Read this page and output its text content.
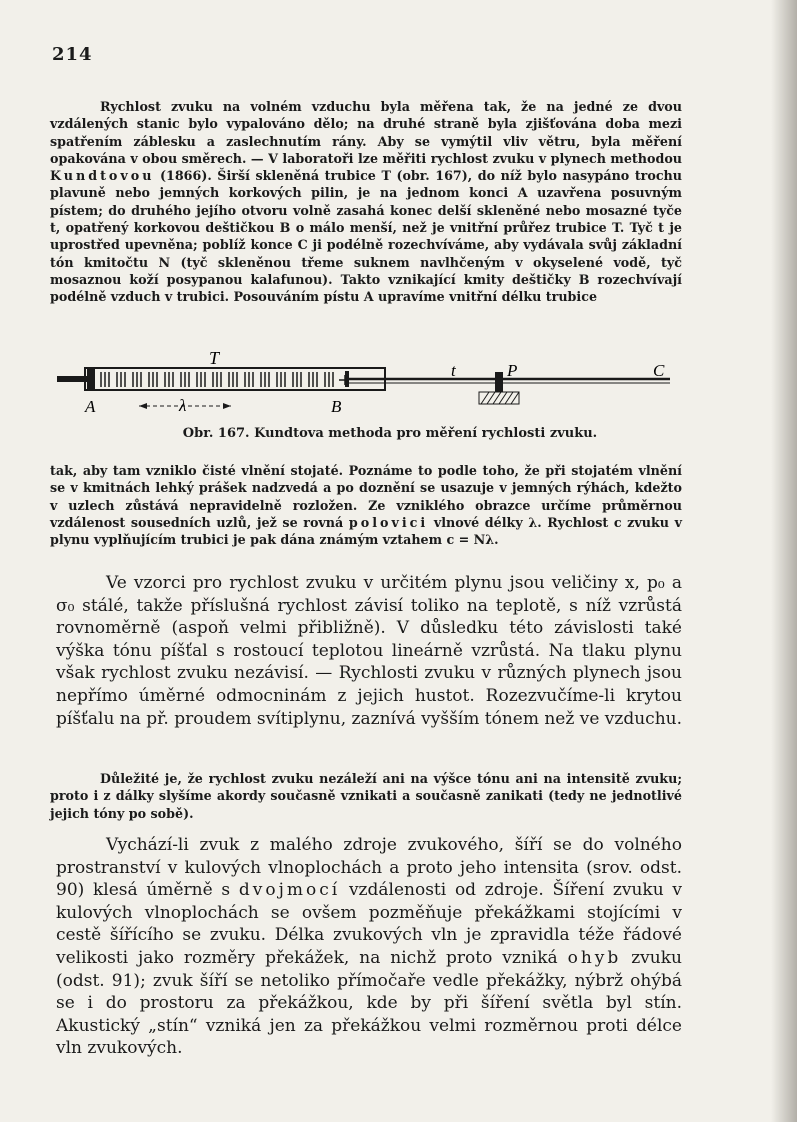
214

Rychlost zvuku na volném vzduchu byla měřena tak, že na jedné ze dvou vzdálených stanic bylo vypalováno dělo; na druhé straně byla zjišťována doba mezi spatřením záblesku a zaslechnutím rány. Aby se vymýtil vliv větru, byla měření opakována v obou směrech. — V laboratoři lze měřiti rychlost zvuku v plynech methodou Kundtovou (1866). Širší skleněná trubice T (obr. 167), do níž bylo nasypáno trochu plavuně nebo jemných korkových pilin, je na jednom konci A uzavřena posuvným pístem; do druhého jejího otvoru volně zasahá konec delší skleněné nebo mosazné tyče t, opatřený korkovou deštičkou B o málo menší, než je vnitřní průřez trubice T. Tyč t je uprostřed upevněna; poblíž konce C ji podélně rozechvíváme, aby vydávala svůj základní tón kmitočtu N (tyč skleněnou třeme suknem navlhčeným v okyselené vodě, tyč mosaznou koží posypanou kalafunou). Takto vznikající kmity deštičky B rozechvívají podélně vzduch v trubici. Posouváním pístu A upravíme vnitřní délku trubice

T
t	P	C
A	λ	B
Obr. 167. Kundtova methoda pro měření rychlosti zvuku.

tak, aby tam vzniklo čisté vlnění stojaté. Poznáme to podle toho, že při stojatém vlnění se v kmitnách lehký prášek nadzvedá a po doznění se usazuje v jemných rýhách, kdežto v uzlech zůstává nepravidelně rozložen. Ze vzniklého obrazce určíme průměrnou vzdálenost sousedních uzlů, jež se rovná polovici vlnové délky λ. Rychlost c zvuku v plynu vyplňujícím trubici je pak dána známým vztahem c = Nλ.

Ve vzorci pro rychlost zvuku v určitém plynu jsou veličiny x, p₀ a σ₀ stálé, takže příslušná rychlost závisí toliko na teplotě, s níž vzrůstá rovnoměrně (aspoň velmi přibližně). V důsledku této závislosti také výška tónu píšťal s rostoucí teplotou lineárně vzrůstá. Na tlaku plynu však rychlost zvuku nezávisí. — Rychlosti zvuku v různých plynech jsou nepřímo úměrné odmocninám z jejich hustot. Rozezvučíme-li krytou píšťalu na př. proudem svítiplynu, zaznívá vyšším tónem než ve vzduchu.

Důležité je, že rychlost zvuku nezáleží ani na výšce tónu ani na intensitě zvuku; proto i z dálky slyšíme akordy současně vznikati a současně zanikati (tedy ne jednotlivé jejich tóny po sobě).

Vychází-li zvuk z malého zdroje zvukového, šíří se do volného prostranství v kulových vlnoplochách a proto jeho intensita (srov. odst. 90) klesá úměrně s dvojmocí vzdálenosti od zdroje. Šíření zvuku v kulových vlnoplochách se ovšem pozměňuje překážkami stojícími v cestě šířícího se zvuku. Délka zvukových vln je zpravidla téže řádové velikosti jako rozměry překážek, na nichž proto vzniká ohyb zvuku (odst. 91); zvuk šíří se netoliko přímočaře vedle překážky, nýbrž ohýbá se i do prostoru za překážkou, kde by při šíření světla byl stín. Akustický „stín“ vzniká jen za překážkou velmi rozměrnou proti délce vln zvukových.
